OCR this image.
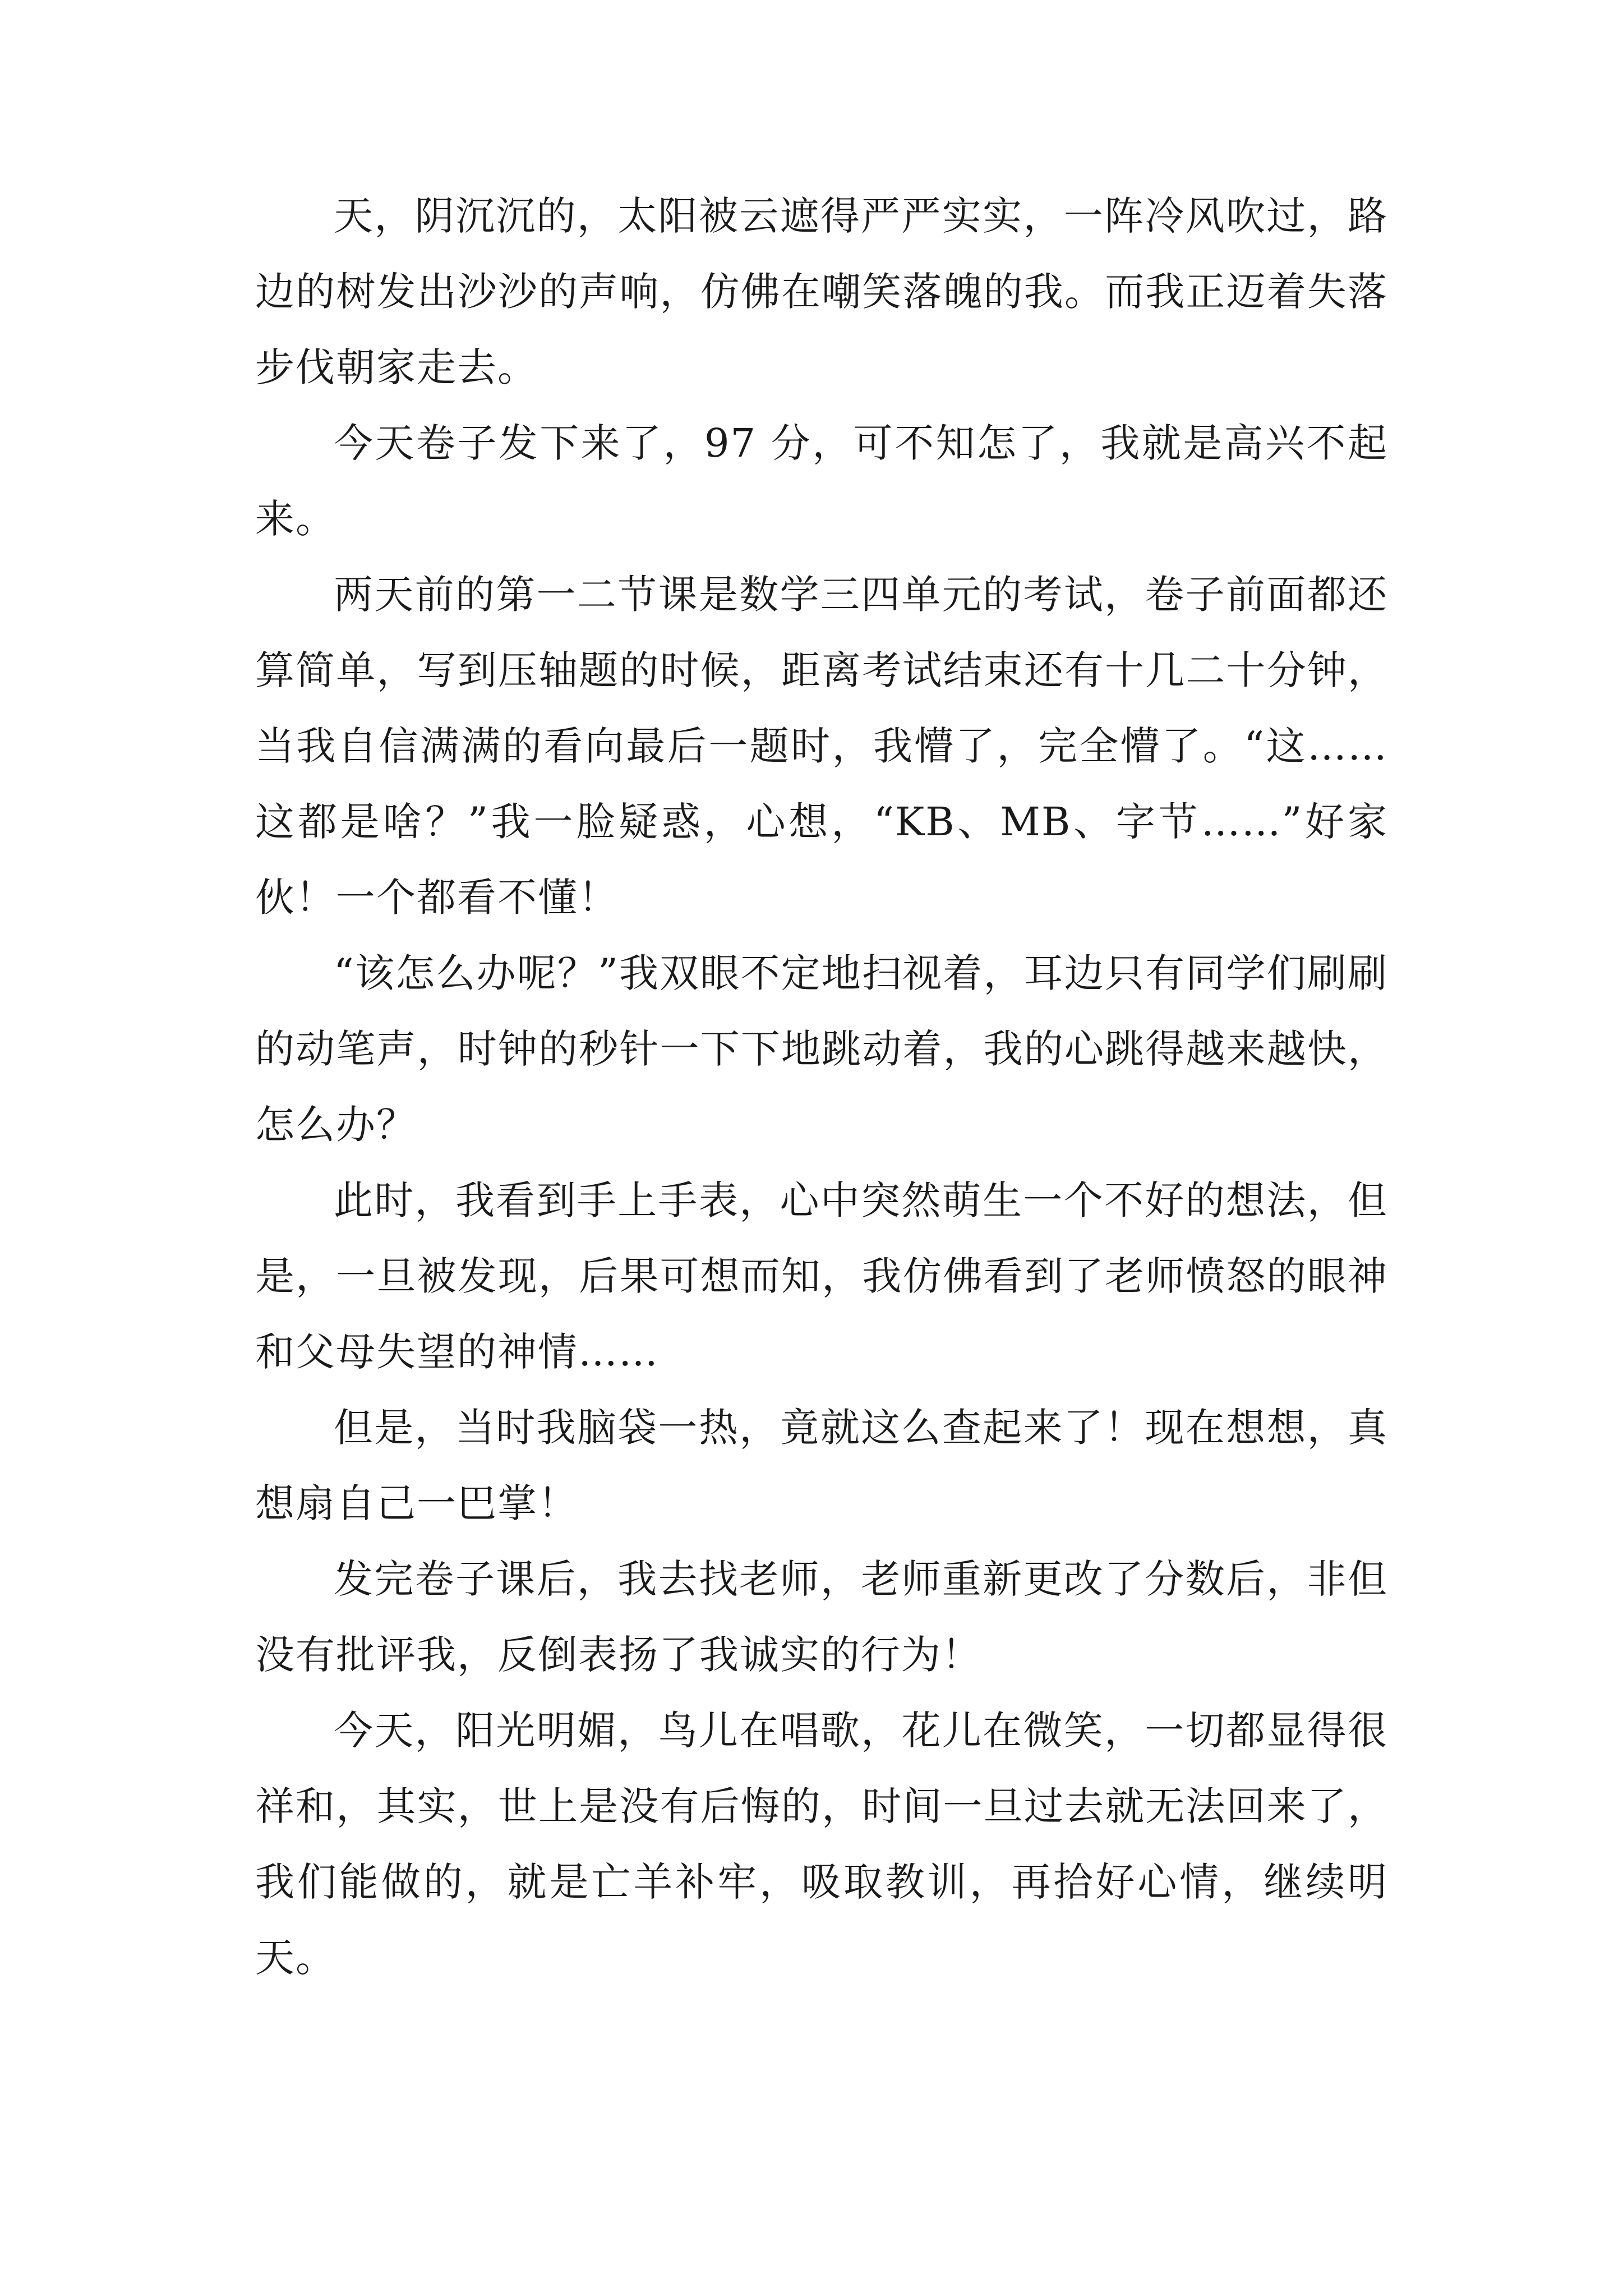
天，阴沉沉的，太阳被云遮得严严实实，一阵冷风吹过，路边的树发出沙沙的声响，仿佛在嘲笑落魄的我。而我正迈着失落步伐朝家走去。

今天卷子发下来了，97 分，可不知怎了，我就是高兴不起来。

两天前的第一二节课是数学三四单元的考试，卷子前面都还算简单，写到压轴题的时候，距离考试结束还有十几二十分钟，当我自信满满的看向最后一题时，我懵了，完全懵了。“这……这都是啥？”我一脸疑惑，心想，“KB、MB、字节……”好家伙！一个都看不懂！

“该怎么办呢？”我双眼不定地扫视着，耳边只有同学们刷刷的动笔声，时钟的秒针一下下地跳动着，我的心跳得越来越快，怎么办？

此时，我看到手上手表，心中突然萌生一个不好的想法，但是，一旦被发现，后果可想而知，我仿佛看到了老师愤怒的眼神和父母失望的神情……

但是，当时我脑袋一热，竟就这么查起来了！现在想想，真想扇自己一巴掌！

发完卷子课后，我去找老师，老师重新更改了分数后，非但没有批评我，反倒表扬了我诚实的行为！

今天，阳光明媚，鸟儿在唱歌，花儿在微笑，一切都显得很祥和，其实，世上是没有后悔的，时间一旦过去就无法回来了，我们能做的，就是亡羊补牢，吸取教训，再拾好心情，继续明天。
